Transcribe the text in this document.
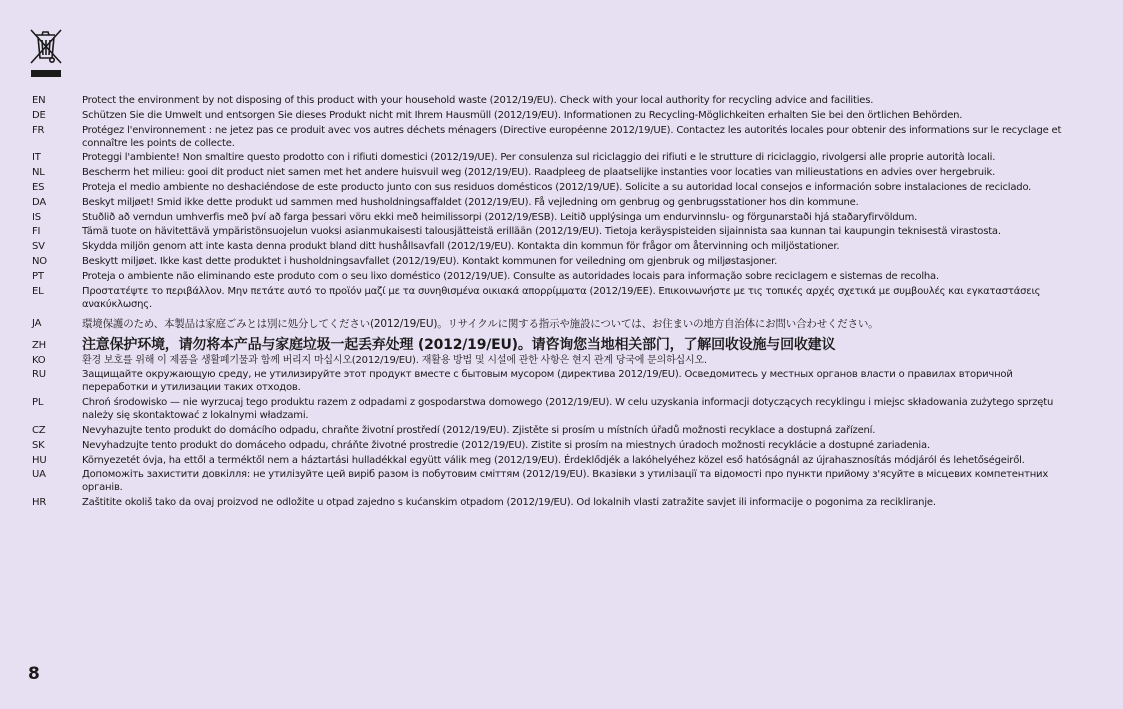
EN	Protect the environment by not disposing of this product with your household waste (2012/19/EU). Check with your local authority for recycling advice and facilities.
DE	Schützen Sie die Umwelt und entsorgen Sie dieses Produkt nicht mit Ihrem Hausmüll (2012/19/EU). Informationen zu Recycling-Möglichkeiten erhalten Sie bei den örtlichen Behörden.
FR	Protégez l'environnement : ne jetez pas ce produit avec vos autres déchets ménagers (Directive européenne 2012/19/UE). Contactez les autorités locales pour obtenir des informations sur le recyclage et connaître les points de collecte.
IT	Proteggi l'ambiente! Non smaltire questo prodotto con i rifiuti domestici (2012/19/UE). Per consulenza sul riciclaggio dei rifiuti e le strutture di riciclaggio, rivolgersi alle proprie autorità locali.
NL	Bescherm het milieu: gooi dit product niet samen met het andere huisvuil weg (2012/19/EU). Raadpleeg de plaatselijke instanties voor locaties van milieustations en advies over hergebruik.
ES	Proteja el medio ambiente no deshaciéndose de este producto junto con sus residuos domésticos (2012/19/UE). Solicite a su autoridad local consejos e información sobre instalaciones de reciclado.
DA	Beskyt miljøet! Smid ikke dette produkt ud sammen med husholdningsaffaldet (2012/19/EU). Få vejledning om genbrug og genbrugsstationer hos din kommune.
IS	Stuðlið að verndun umhverfis með því að farga þessari vöru ekki með heimilissorpi (2012/19/ESB). Leitið upplýsinga um endurvinnslu- og förgunarstaði hjá staðaryfirvöldum.
FI	Tämä tuote on hävitettävä ympäristönsuojelun vuoksi asianmukaisesti talousjätteistä erillään (2012/19/EU). Tietoja keräyspisteiden sijainnista saa kunnan tai kaupungin teknisestä virastosta.
SV	Skydda miljön genom att inte kasta denna produkt bland ditt hushållsavfall (2012/19/EU). Kontakta din kommun för frågor om återvinning och miljöstationer.
NO	Beskytt miljøet. Ikke kast dette produktet i husholdningsavfallet (2012/19/EU). Kontakt kommunen for veiledning om gjenbruk og miljøstasjoner.
PT	Proteja o ambiente não eliminando este produto com o seu lixo doméstico (2012/19/UE). Consulte as autoridades locais para informação sobre reciclagem e sistemas de recolha.
EL	Προστατέψτε το περιβάλλον. Μην πετάτε αυτό το προϊόν μαζί με τα συνηθισμένα οικιακά απορρίμματα (2012/19/ΕΕ). Επικοινωνήστε με τις τοπικές αρχές σχετικά με συμβουλές και εγκαταστάσεις ανακύκλωσης.
JA	環境保護のため、本製品は家庭ごみとは別に処分してください(2012/19/EU)。リサイクルに関する指示や施設については、お住まいの地方自治体にお問い合わせください。
ZH	注意保护环境，请勿将本产品与家庭垃圾一起丢弃处理 (2012/19/EU)。请咨询您当地相关部门，了解回收设施与回收建议
KO	환경 보호를 위해 이 제품을 생활폐기물과 함께 버리지 마십시오(2012/19/EU). 재활용 방법 및 시설에 관한 사항은 현지 관계 당국에 문의하십시오.
RU	Защищайте окружающую среду, не утилизируйте этот продукт вместе с бытовым мусором (директива 2012/19/EU). Осведомитесь у местных органов власти о правилах вторичной переработки и утилизации таких отходов.
PL	Chroń środowisko — nie wyrzucaj tego produktu razem z odpadami z gospodarstwa domowego (2012/19/EU). W celu uzyskania informacji dotyczących recyklingu i miejsc składowania zużytego sprzętu należy się skontaktować z lokalnymi władzami.
CZ	Nevyhazujte tento produkt do domácího odpadu, chraňte životní prostředí (2012/19/EU). Zjistěte si prosím u místních úřadů možnosti recyklace a dostupná zařízení.
SK	Nevyhadzujte tento produkt do domáceho odpadu, chráňte životné prostredie (2012/19/EU). Zistite si prosím na miestnych úradoch možnosti recyklácie a dostupné zariadenia.
HU	Környezetét óvja, ha ettől a terméktől nem a háztartási hulladékkal együtt válik meg (2012/19/EU). Érdeklődjék a lakóhelyéhez közel eső hatóságnál az újrahasznosítás módjáról és lehetőségeiről.
UA	Допоможіть захистити довкілля: не утилізуйте цей виріб разом із побутовим сміттям (2012/19/EU). Вказівки з утилізації та відомості про пункти прийому з'ясуйте в місцевих компетентних органів.
HR	Zaštitite okoliš tako da ovaj proizvod ne odložite u otpad zajedno s kućanskim otpadom (2012/19/EU). Od lokalnih vlasti zatražite savjet ili informacije o pogonima za recikliranje.
8
